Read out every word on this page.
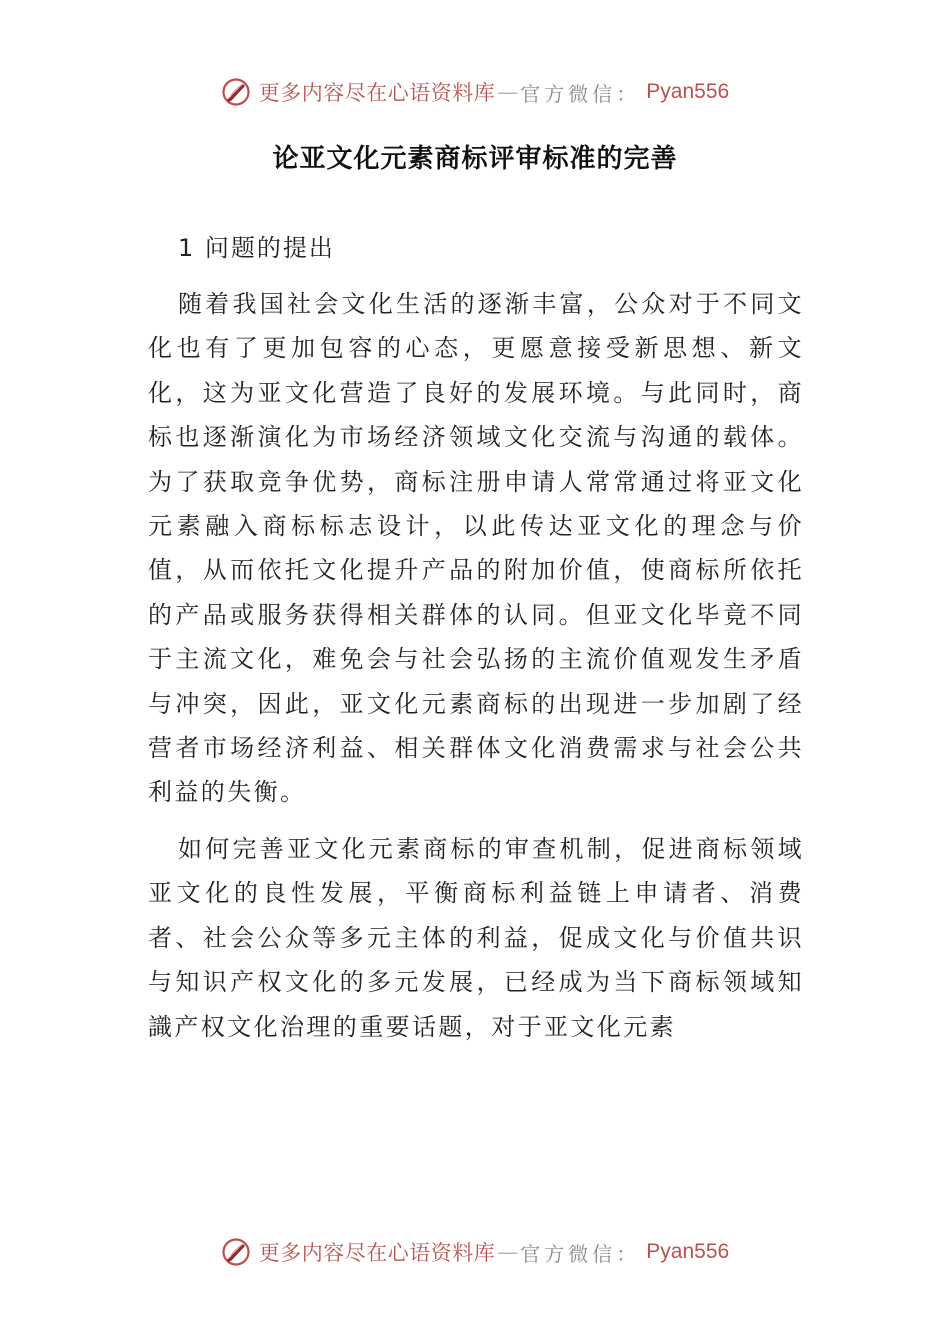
更多内容尽在心语资料库 — 官方微信： Pyan556
论亚文化元素商标评审标准的完善

1 问题的提出

随着我国社会文化生活的逐渐丰富，公众对于不同文化也有了更加包容的心态，更愿意接受新思想、新文化，这为亚文化营造了良好的发展环境。与此同时，商标也逐渐演化为市场经济领域文化交流与沟通的载体。为了获取竞争优势，商标注册申请人常常通过将亚文化元素融入商标标志设计，以此传达亚文化的理念与价值，从而依托文化提升产品的附加价值，使商标所依托的产品或服务获得相关群体的认同。但亚文化毕竟不同于主流文化，难免会与社会弘扬的主流价值观发生矛盾与冲突，因此，亚文化元素商标的出现进一步加剧了经营者市场经济利益、相关群体文化消费需求与社会公共利益的失衡。

如何完善亚文化元素商标的审查机制，促进商标领域亚文化的良性发展，平衡商标利益链上申请者、消费者、社会公众等多元主体的利益，促成文化与价值共识与知识产权文化的多元发展，已经成为当下商标领域知識产权文化治理的重要话题，对于亚文化元素

更多内容尽在心语资料库 — 官方微信： Pyan556
